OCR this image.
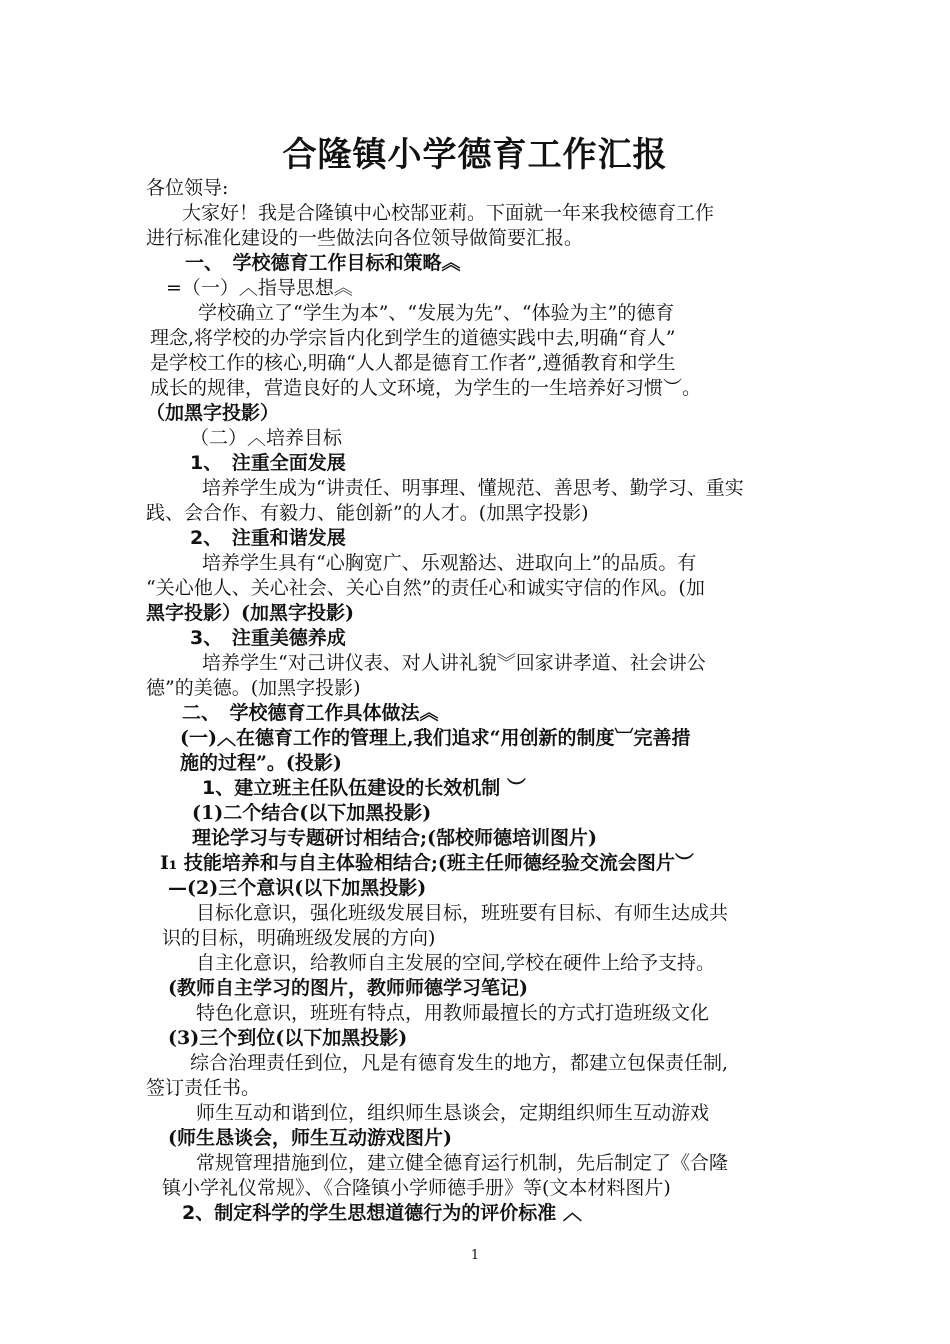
合隆镇小学德育工作汇报
各位领导:
大家好！我是合隆镇中心校郜亚莉。下面就一年来我校德育工作
进行标准化建设的一些做法向各位领导做简要汇报。
一、　学校德育工作目标和策略︽
=（一）︿指导思想︽
学校确立了“学生为本”、“发展为先”、“体验为主”的德育
理念,将学校的办学宗旨内化到学生的道德实践中去,明确“育人”
是学校工作的核心,明确“人人都是德育工作者”,遵循教育和学生
成长的规律，营造良好的人文环境，为学生的一生培养好习惯︶。
（加黑字投影）
（二）︿培养目标
1、　注重全面发展
培养学生成为“讲责任、明事理、懂规范、善思考、勤学习、重实
践、会合作、有毅力、能创新”的人才。(加黑字投影)
2、　注重和谐发展
培养学生具有“心胸宽广、乐观豁达、进取向上”的品质。有
“关心他人、关心社会、关心自然”的责任心和诚实守信的作风。(加
黑字投影）(加黑字投影)
3、　注重美德养成
培养学生“对己讲仪表、对人讲礼貌︾回家讲孝道、社会讲公
德”的美德。(加黑字投影)
二、　学校德育工作具体做法︽
(一)︿在德育工作的管理上,我们追求“用创新的制度︺完善措
施的过程”。(投影)
1、建立班主任队伍建设的长效机制 ︶
(1)二个结合(以下加黑投影)
理论学习与专题研讨相结合;(郜校师德培训图片)
I₁ 技能培养和与自主体验相结合;(班主任师德经验交流会图片︶
—(2)三个意识(以下加黑投影)
目标化意识，强化班级发展目标，班班要有目标、有师生达成共
识的目标，明确班级发展的方向)
自主化意识，给教师自主发展的空间,学校在硬件上给予支持。
(教师自主学习的图片，教师师德学习笔记)
特色化意识，班班有特点，用教师最擅长的方式打造班级文化
(3)三个到位(以下加黑投影)
综合治理责任到位，凡是有德育发生的地方，都建立包保责任制,
签订责任书。
师生互动和谐到位，组织师生恳谈会，定期组织师生互动游戏
(师生恳谈会，师生互动游戏图片)
常规管理措施到位，建立健全德育运行机制，先后制定了《合隆
镇小学礼仪常规》、《合隆镇小学师德手册》等(文本材料图片)
2、制定科学的学生思想道德行为的评价标准 ︿
1
